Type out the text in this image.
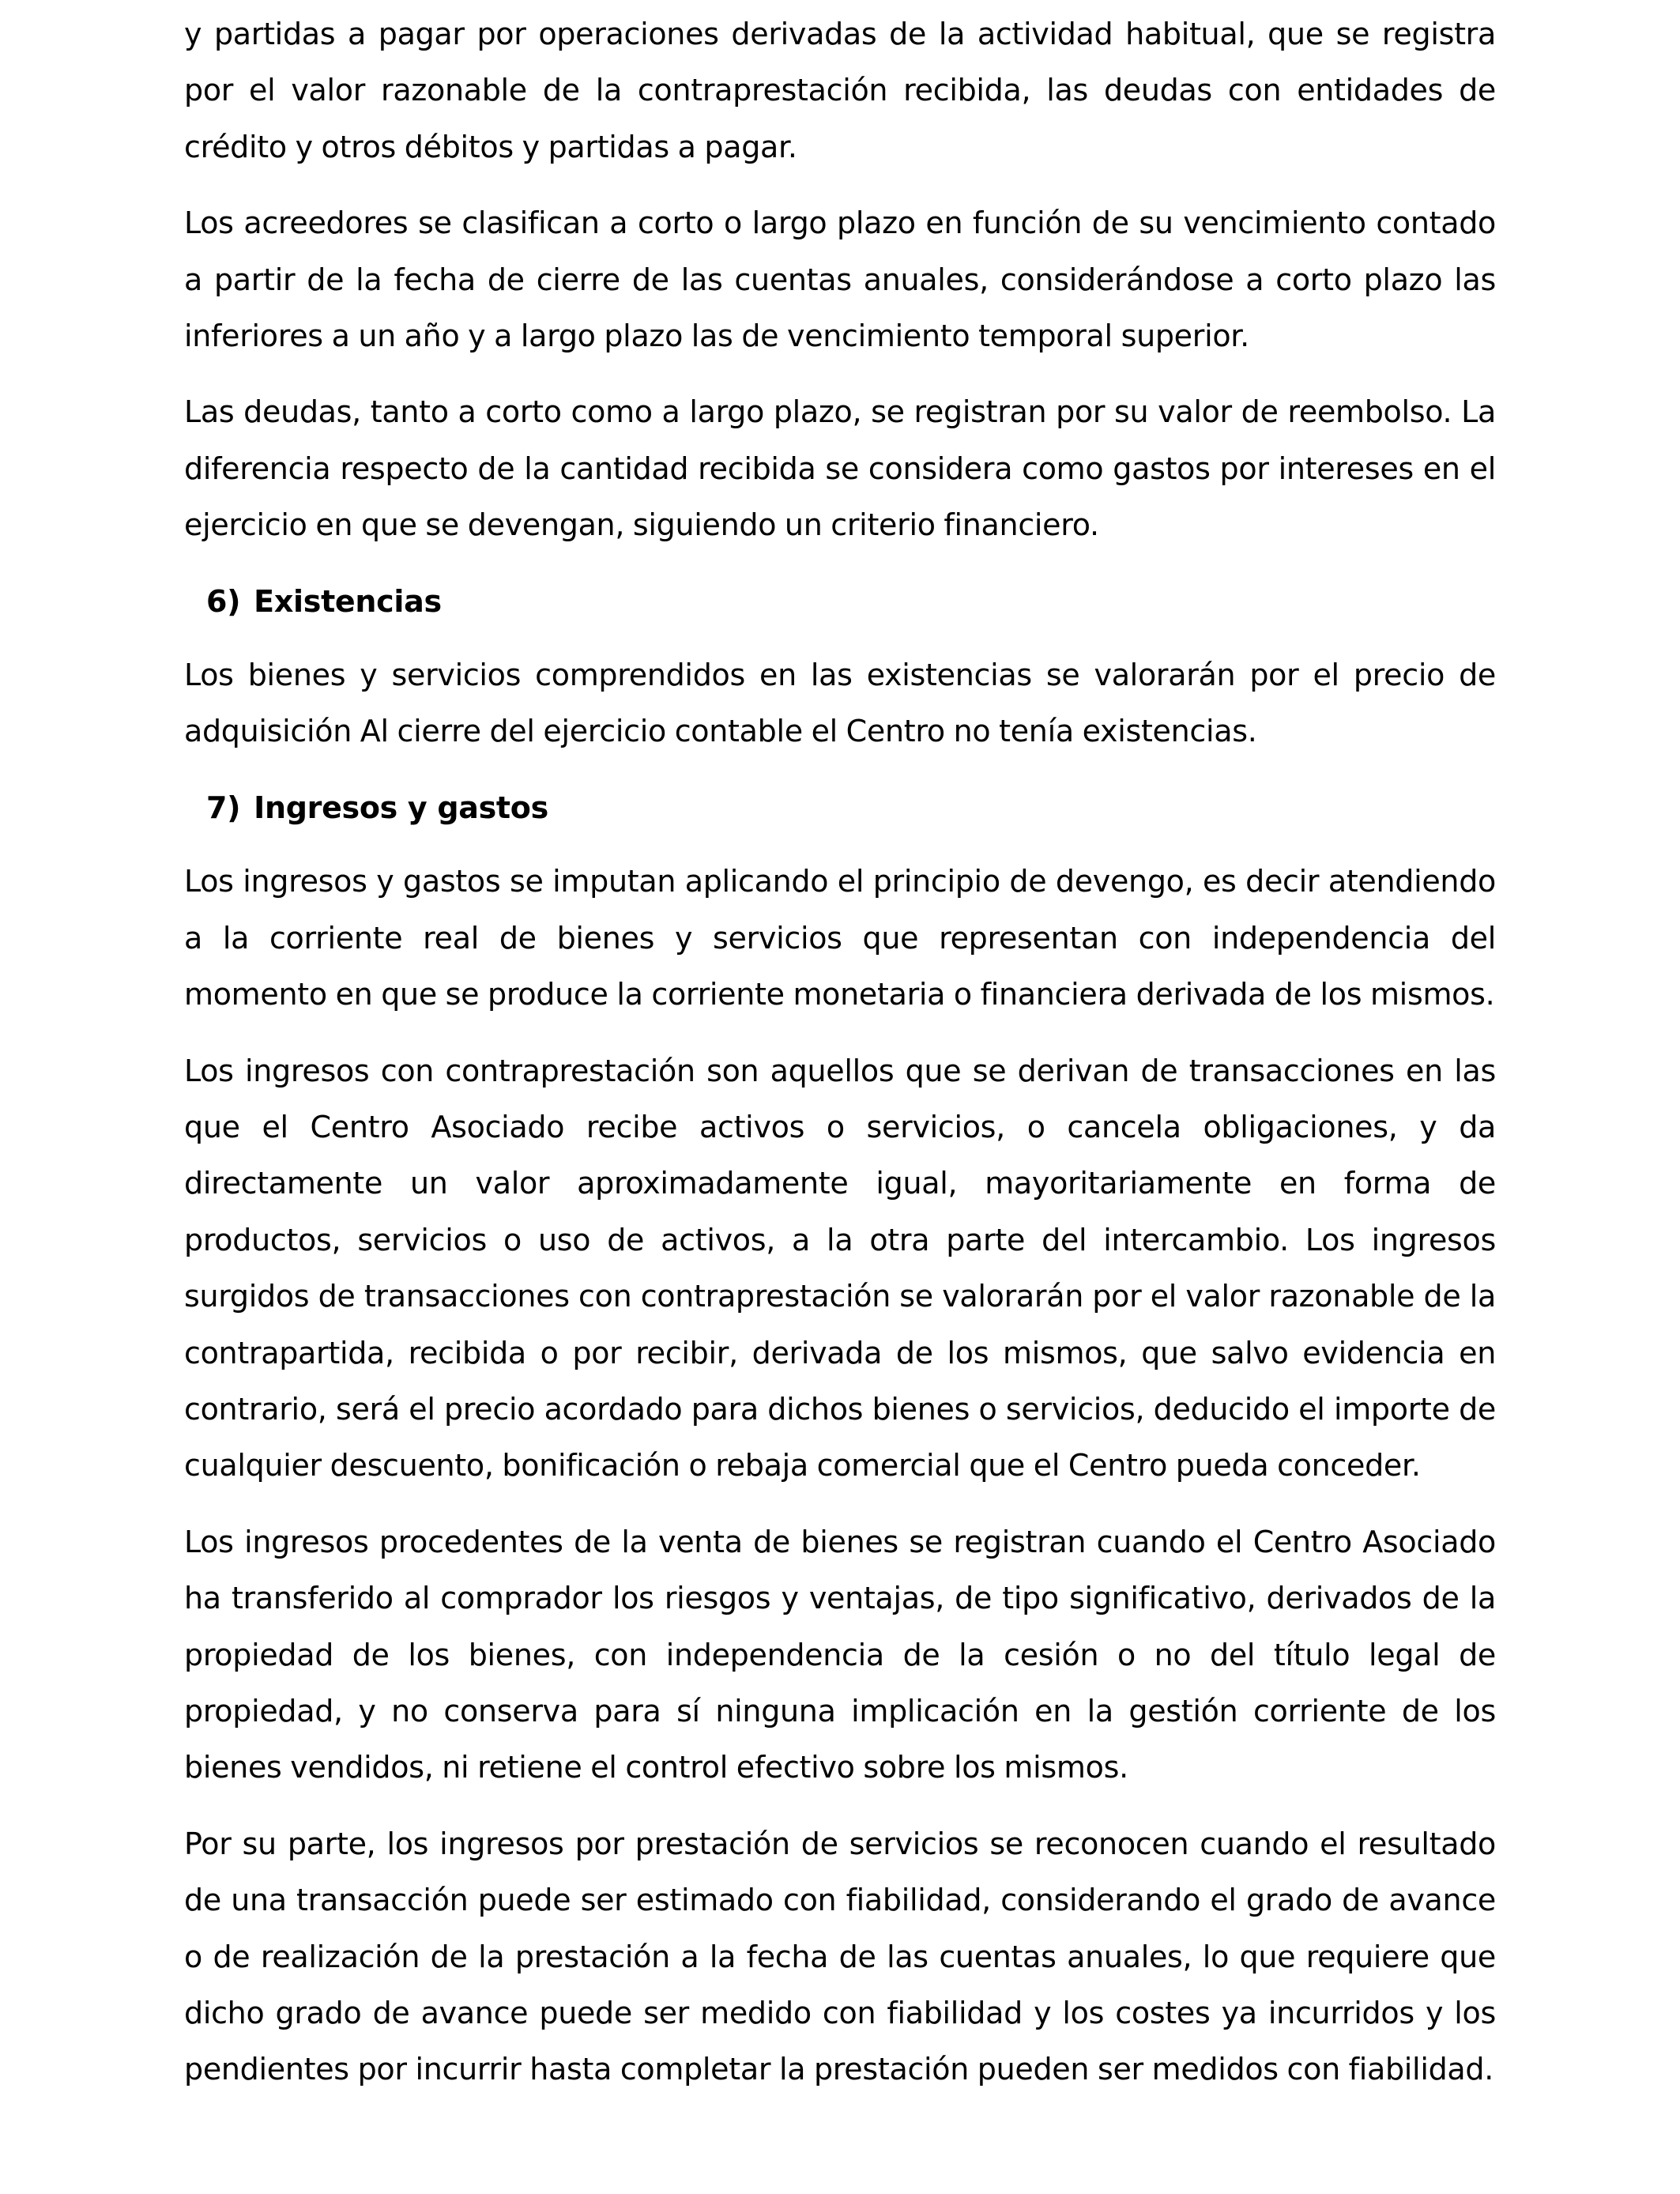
y partidas a pagar por operaciones derivadas de la actividad habitual, que se registra por el valor razonable de la contraprestación recibida, las deudas con entidades de crédito y otros débitos y partidas a pagar.

Los acreedores se clasifican a corto o largo plazo en función de su vencimiento contado a partir de la fecha de cierre de las cuentas anuales, considerándose a corto plazo las inferiores a un año y a largo plazo las de vencimiento temporal superior.

Las deudas, tanto a corto como a largo plazo, se registran por su valor de reembolso. La diferencia respecto de la cantidad recibida se considera como gastos por intereses en el ejercicio en que se devengan, siguiendo un criterio financiero.

6) Existencias

Los bienes y servicios comprendidos en las existencias se valorarán por el precio de adquisición Al cierre del ejercicio contable el Centro no tenía existencias.

7) Ingresos y gastos

Los ingresos y gastos se imputan aplicando el principio de devengo, es decir atendiendo a la corriente real de bienes y servicios que representan con independencia del momento en que se produce la corriente monetaria o financiera derivada de los mismos.

Los ingresos con contraprestación son aquellos que se derivan de transacciones en las que el Centro Asociado recibe activos o servicios, o cancela obligaciones, y da directamente un valor aproximadamente igual, mayoritariamente en forma de productos, servicios o uso de activos, a la otra parte del intercambio. Los ingresos surgidos de transacciones con contraprestación se valorarán por el valor razonable de la contrapartida, recibida o por recibir, derivada de los mismos, que salvo evidencia en contrario, será el precio acordado para dichos bienes o servicios, deducido el importe de cualquier descuento, bonificación o rebaja comercial que el Centro pueda conceder.

Los ingresos procedentes de la venta de bienes se registran cuando el Centro Asociado ha transferido al comprador los riesgos y ventajas, de tipo significativo, derivados de la propiedad de los bienes, con independencia de la cesión o no del título legal de propiedad, y no conserva para sí ninguna implicación en la gestión corriente de los bienes vendidos, ni retiene el control efectivo sobre los mismos.

Por su parte, los ingresos por prestación de servicios se reconocen cuando el resultado de una transacción puede ser estimado con fiabilidad, considerando el grado de avance o de realización de la prestación a la fecha de las cuentas anuales, lo que requiere que dicho grado de avance puede ser medido con fiabilidad y los costes ya incurridos y los pendientes por incurrir hasta completar la prestación pueden ser medidos con fiabilidad.
